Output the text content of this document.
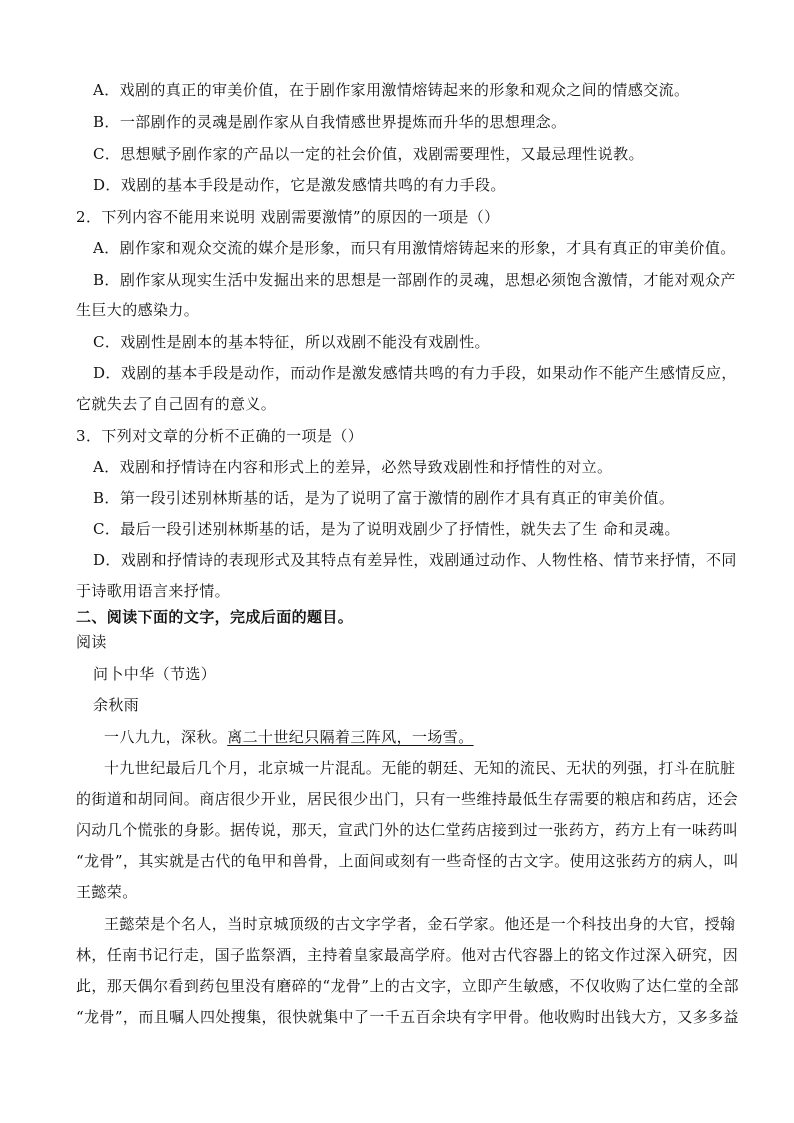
A．戏剧的真正的审美价值，在于剧作家用激情熔铸起来的形象和观众之间的情感交流。
B．一部剧作的灵魂是剧作家从自我情感世界提炼而升华的思想理念。
C．思想赋予剧作家的产品以一定的社会价值，戏剧需要理性，又最忌理性说教。
D．戏剧的基本手段是动作，它是激发感情共鸣的有力手段。
2．下列内容不能用来说明 戏剧需要激情”的原因的一项是（）
A．剧作家和观众交流的媒介是形象，而只有用激情熔铸起来的形象，才具有真正的审美价值。
B．剧作家从现实生活中发掘出来的思想是一部剧作的灵魂，思想必须饱含激情，才能对观众产
生巨大的感染力。
C．戏剧性是剧本的基本特征，所以戏剧不能没有戏剧性。
D．戏剧的基本手段是动作，而动作是激发感情共鸣的有力手段，如果动作不能产生感情反应，
它就失去了自己固有的意义。
3．下列对文章的分析不正确的一项是（）
A．戏剧和抒情诗在内容和形式上的差异，必然导致戏剧性和抒情性的对立。
B．第一段引述别林斯基的话，是为了说明了富于激情的剧作才具有真正的审美价值。
C．最后一段引述别林斯基的话，是为了说明戏剧少了抒情性，就失去了生 命和灵魂。
D．戏剧和抒情诗的表现形式及其特点有差异性，戏剧通过动作、人物性格、情节来抒情，不同
于诗歌用语言来抒情。
二、阅读下面的文字，完成后面的题目。
阅读
问卜中华（节选）
余秋雨
一八九九，深秋。离二十世纪只隔着三阵风，一场雪。
十九世纪最后几个月，北京城一片混乱。无能的朝廷、无知的流民、无状的列强，打斗在肮脏
的街道和胡同间。商店很少开业，居民很少出门，只有一些维持最低生存需要的粮店和药店，还会
闪动几个慌张的身影。据传说，那天，宣武门外的达仁堂药店接到过一张药方，药方上有一味药叫
“龙骨”，其实就是古代的龟甲和兽骨，上面间或刻有一些奇怪的古文字。使用这张药方的病人，叫
王懿荣。
王懿荣是个名人，当时京城顶级的古文字学者，金石学家。他还是一个科技出身的大官，授翰
林，任南书记行走，国子监祭酒，主持着皇家最高学府。他对古代容器上的铭文作过深入研究，因
此，那天偶尔看到药包里没有磨碎的“龙骨”上的古文字，立即产生敏感，不仅收购了达仁堂的全部
“龙骨”，而且嘱人四处搜集，很快就集中了一千五百余块有字甲骨。他收购时出钱大方，又多多益
